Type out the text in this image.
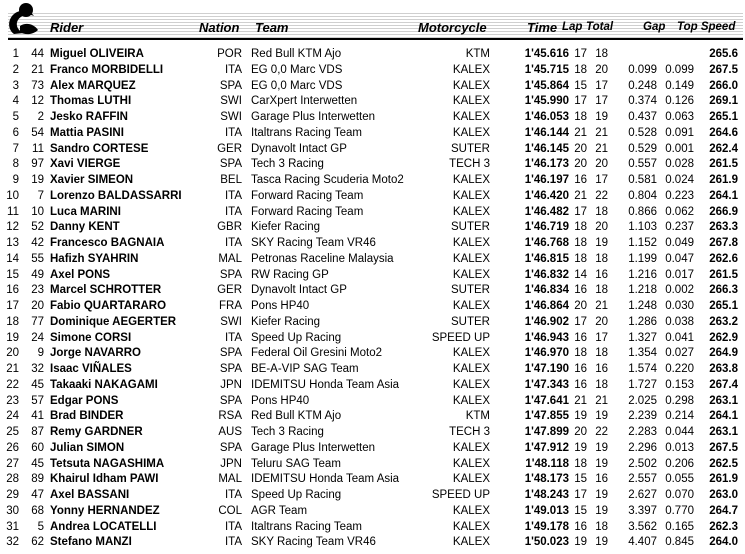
Rider	Nation Team	Motorcycle	Time Lap Total	Gap Top Speed
1	44 Miguel OLIVEIRA	POR Red Bull KTM Ajo	KTM	1'45.616 17 18	265.6
2	21 Franco MORBIDELLI	ITA EG 0,0 Marc VDS	KALEX	1'45.715 18 20	0.099 0.099	267.5
3	73 Alex MARQUEZ	SPA EG 0,0 Marc VDS	KALEX	1'45.864 15 17	0.248 0.149	266.0
4	12 Thomas LUTHI	SWI CarXpert Interwetten	KALEX	1'45.990 17 17	0.374 0.126	269.1
5	2 Jesko RAFFIN	SWI Garage Plus Interwetten	KALEX	1'46.053 18 19	0.437 0.063	265.1
6	54 Mattia PASINI	ITA Italtrans Racing Team	KALEX	1'46.144 21 21	0.528 0.091	264.6
7	11 Sandro CORTESE	GER Dynavolt Intact GP	SUTER	1'46.145 20 21	0.529 0.001	262.4
8	97 Xavi VIERGE	SPA Tech 3 Racing	TECH 3	1'46.173 20 20	0.557 0.028	261.5
9	19 Xavier SIMEON	BEL Tasca Racing Scuderia Moto2	KALEX	1'46.197 16 17	0.581 0.024	261.9
10	7 Lorenzo BALDASSARRI	ITA Forward Racing Team	KALEX	1'46.420 21 22	0.804 0.223	264.1
11	10 Luca MARINI	ITA Forward Racing Team	KALEX	1'46.482 17 18	0.866 0.062	266.9
12	52 Danny KENT	GBR Kiefer Racing	SUTER	1'46.719 18 20	1.103 0.237	263.3
13	42 Francesco BAGNAIA	ITA SKY Racing Team VR46	KALEX	1'46.768 18 19	1.152 0.049	267.8
14	55 Hafizh SYAHRIN	MAL Petronas Raceline Malaysia	KALEX	1'46.815 18 18	1.199 0.047	262.6
15	49 Axel PONS	SPA RW Racing GP	KALEX	1'46.832 14 16	1.216 0.017	261.5
16	23 Marcel SCHROTTER	GER Dynavolt Intact GP	SUTER	1'46.834 16 18	1.218 0.002	266.3
17	20 Fabio QUARTARARO	FRA Pons HP40	KALEX	1'46.864 20 21	1.248 0.030	265.1
18	77 Dominique AEGERTER	SWI Kiefer Racing	SUTER	1'46.902 17 20	1.286 0.038	263.2
19	24 Simone CORSI	ITA Speed Up Racing	SPEED UP	1'46.943 16 17	1.327 0.041	262.9
20	9 Jorge NAVARRO	SPA Federal Oil Gresini Moto2	KALEX	1'46.970 18 18	1.354 0.027	264.9
21	32 Isaac VIÑALES	SPA BE-A-VIP SAG Team	KALEX	1'47.190 16 16	1.574 0.220	263.8
22	45 Takaaki NAKAGAMI	JPN IDEMITSU Honda Team Asia	KALEX	1'47.343 16 18	1.727 0.153	267.4
23	57 Edgar PONS	SPA Pons HP40	KALEX	1'47.641 21 21	2.025 0.298	263.1
24	41 Brad BINDER	RSA Red Bull KTM Ajo	KTM	1'47.855 19 19	2.239 0.214	264.1
25	87 Remy GARDNER	AUS Tech 3 Racing	TECH 3	1'47.899 20 22	2.283 0.044	263.1
26	60 Julian SIMON	SPA Garage Plus Interwetten	KALEX	1'47.912 19 19	2.296 0.013	267.5
27	45 Tetsuta NAGASHIMA	JPN Teluru SAG Team	KALEX	1'48.118 18 19	2.502 0.206	262.5
28	89 Khairul Idham PAWI	MAL IDEMITSU Honda Team Asia	KALEX	1'48.173 15 16	2.557 0.055	261.9
29	47 Axel BASSANI	ITA Speed Up Racing	SPEED UP	1'48.243 17 19	2.627 0.070	263.0
30	68 Yonny HERNANDEZ	COL AGR Team	KALEX	1'49.013 15 19	3.397 0.770	264.7
31	5 Andrea LOCATELLI	ITA Italtrans Racing Team	KALEX	1'49.178 16 18	3.562 0.165	262.3
32	62 Stefano MANZI	ITA SKY Racing Team VR46	KALEX	1'50.023 19 19	4.407 0.845	264.0
